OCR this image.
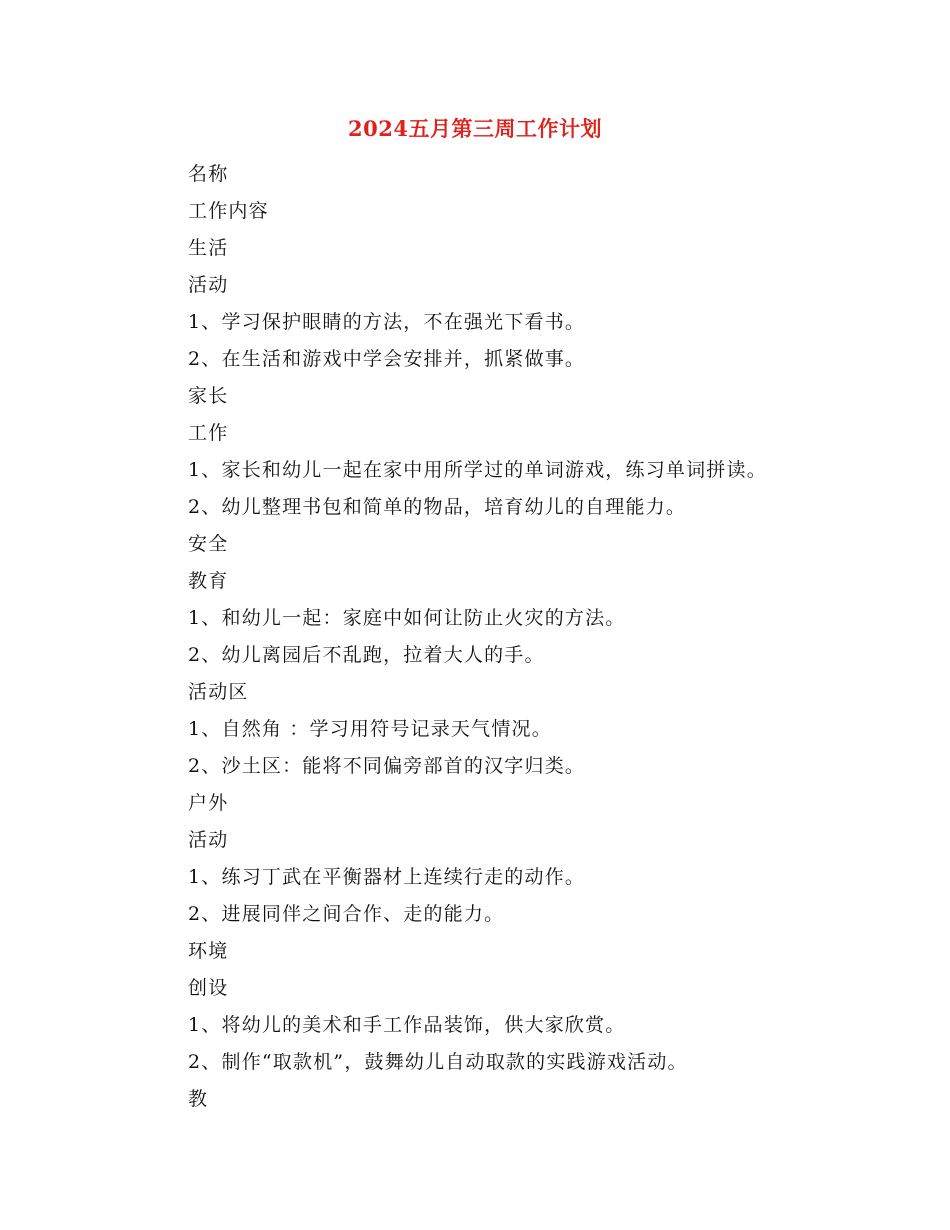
2024五月第三周工作计划
名称
工作内容
生活
活动
1、学习保护眼睛的方法，不在强光下看书。
2、在生活和游戏中学会安排并，抓紧做事。
家长
工作
1、家长和幼儿一起在家中用所学过的单词游戏，练习单词拼读。
2、幼儿整理书包和简单的物品，培育幼儿的自理能力。
安全
教育
1、和幼儿一起：家庭中如何让防止火灾的方法。
2、幼儿离园后不乱跑，拉着大人的手。
活动区
1、自然角 ：学习用符号记录天气情况。
2、沙土区：能将不同偏旁部首的汉字归类。
户外
活动
1、练习丁武在平衡器材上连续行走的动作。
2、进展同伴之间合作、走的能力。
环境
创设
1、将幼儿的美术和手工作品装饰，供大家欣赏。
2、制作“取款机”，鼓舞幼儿自动取款的实践游戏活动。
教
